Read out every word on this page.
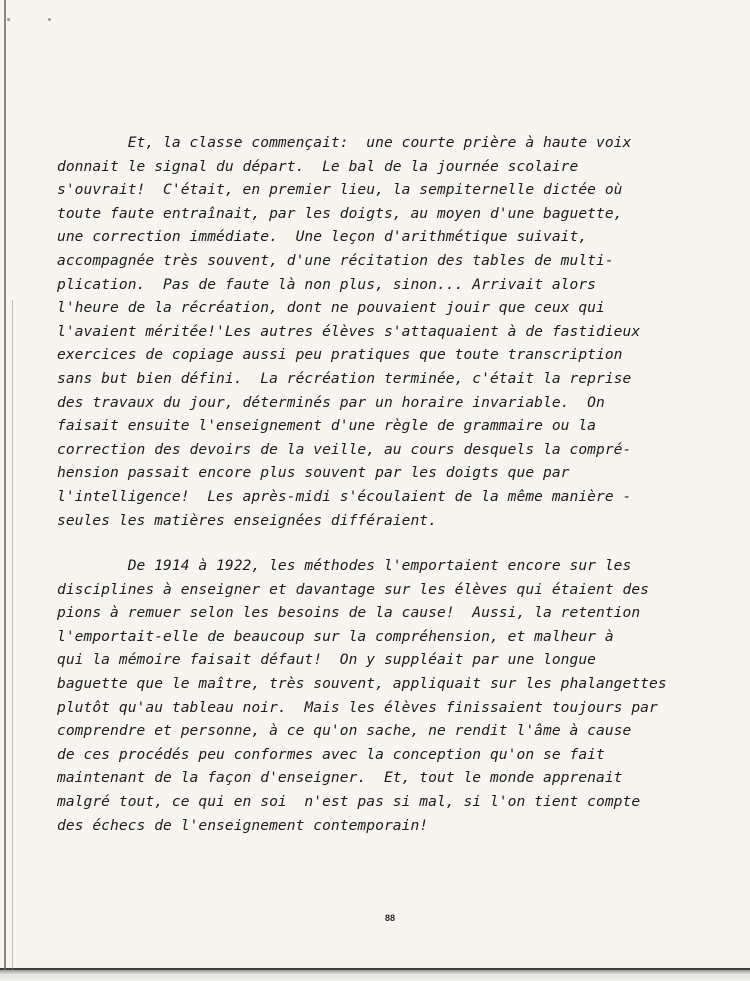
Et, la classe commençait:  une courte prière à haute voix
donnait le signal du départ.  Le bal de la journée scolaire
s'ouvrait!  C'était, en premier lieu, la sempiternelle dictée où
toute faute entraînait, par les doigts, au moyen d'une baguette,
une correction immédiate.  Une leçon d'arithmétique suivait,
accompagnée très souvent, d'une récitation des tables de multi-
plication.  Pas de faute là non plus, sinon... Arrivait alors
l'heure de la récréation, dont ne pouvaient jouir que ceux qui
l'avaient méritée!'Les autres élèves s'attaquaient à de fastidieux
exercices de copiage aussi peu pratiques que toute transcription
sans but bien défini.  La récréation terminée, c'était la reprise
des travaux du jour, déterminés par un horaire invariable.  On
faisait ensuite l'enseignement d'une règle de grammaire ou la
correction des devoirs de la veille, au cours desquels la compré-
hension passait encore plus souvent par les doigts que par
l'intelligence!  Les après-midi s'écoulaient de la même manière -
seules les matières enseignées différaient.
De 1914 à 1922, les méthodes l'emportaient encore sur les
disciplines à enseigner et davantage sur les élèves qui étaient des
pions à remuer selon les besoins de la cause!  Aussi, la retention
l'emportait-elle de beaucoup sur la compréhension, et malheur à
qui la mémoire faisait défaut!  On y suppléait par une longue
baguette que le maître, très souvent, appliquait sur les phalangettes
plutôt qu'au tableau noir.  Mais les élèves finissaient toujours par
comprendre et personne, à ce qu'on sache, ne rendit l'âme à cause
de ces procédés peu conformes avec la conception qu'on se fait
maintenant de la façon d'enseigner.  Et, tout le monde apprenait
malgré tout, ce qui en soi  n'est pas si mal, si l'on tient compte
des échecs de l'enseignement contemporain!
88
